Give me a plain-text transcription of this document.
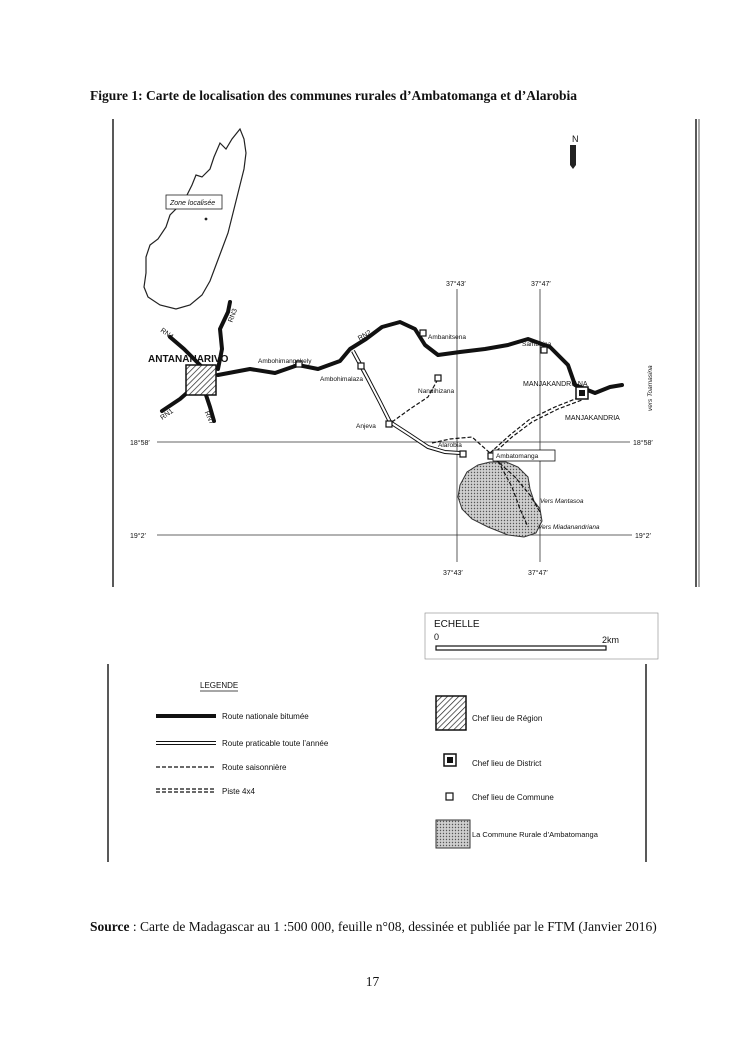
Figure 1: Carte de localisation des communes rurales d’Ambatomanga et d’Alarobia
Zone localisée
N
37°43′	37°47′
37°43′	37°47′
18°58′	18°58′
19°2′	19°2′
RN4
RN3
RN1	RN7
RN2
ANTANANARIVO	Ambohimangakely
Ambohimalaza
Ambanitsena
Nandihizana
Sambaina
MANJAKANDRIANA
MANJAKANDRIA
Anjeva
Alarobia
Ambatomanga
Vers Mantasoa
Vers Miadanandriana
vers Toamasina
ECHELLE
0	2km
LEGENDE
Route nationale bitumée
Route praticable toute l’année
Route saisonnière
Piste 4x4
Chef lieu de Région
Chef lieu de District
Chef lieu de Commune
La Commune Rurale d’Ambatomanga
Source : Carte de Madagascar au 1 :500 000, feuille n°08, dessinée et publiée par le FTM (Janvier 2016)
17
